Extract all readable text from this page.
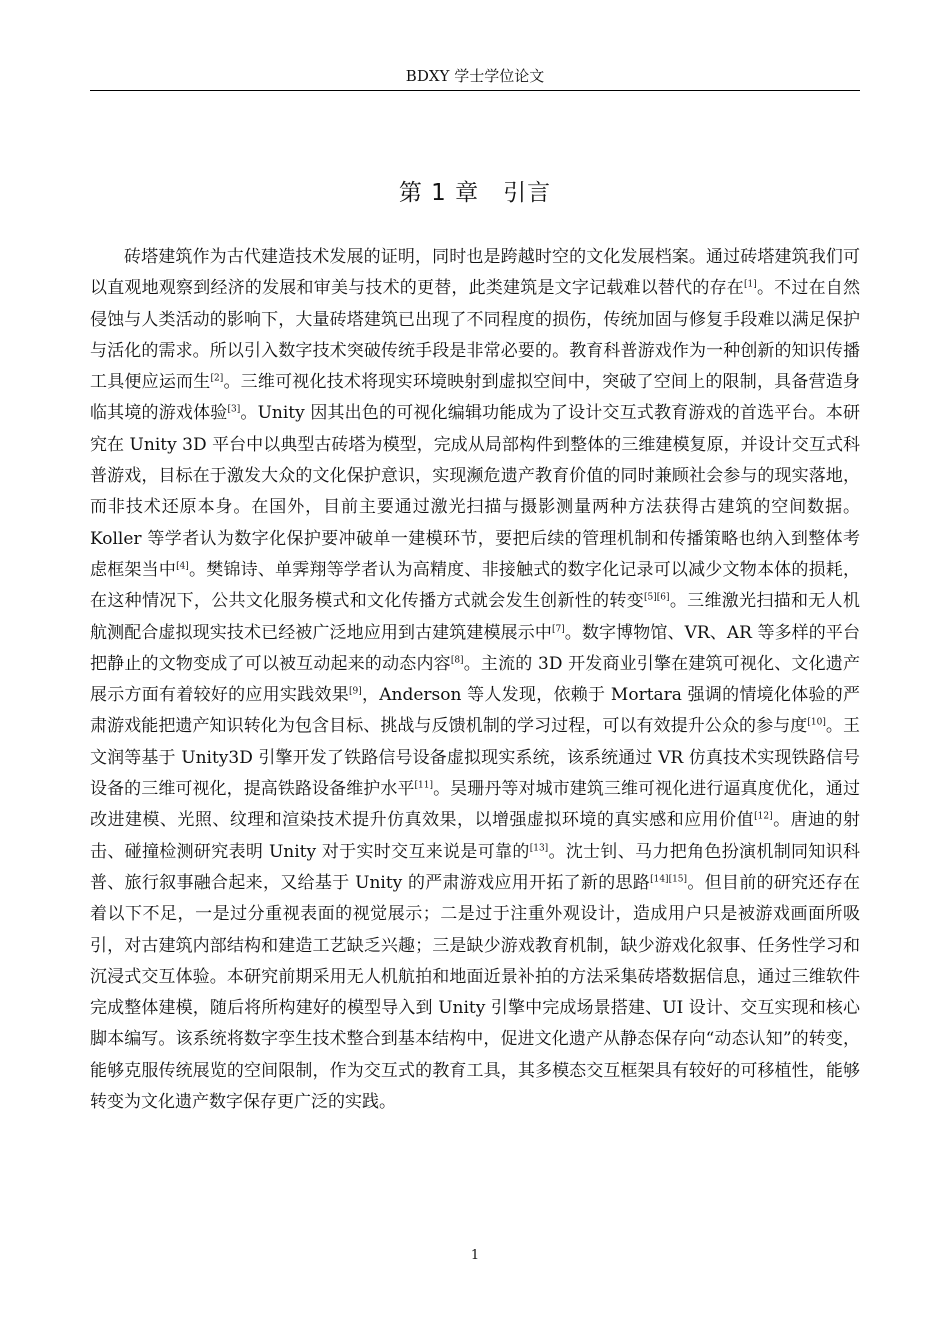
BDXY 学士学位论文
第 1 章 引言

砖塔建筑作为古代建造技术发展的证明，同时也是跨越时空的文化发展档案。通过砖塔建筑我们可以直观地观察到经济的发展和审美与技术的更替，此类建筑是文字记载难以替代的存在[1]。不过在自然侵蚀与人类活动的影响下，大量砖塔建筑已出现了不同程度的损伤，传统加固与修复手段难以满足保护与活化的需求。所以引入数字技术突破传统手段是非常必要的。教育科普游戏作为一种创新的知识传播工具便应运而生[2]。三维可视化技术将现实环境映射到虚拟空间中，突破了空间上的限制，具备营造身临其境的游戏体验[3]。Unity 因其出色的可视化编辑功能成为了设计交互式教育游戏的首选平台。本研究在 Unity 3D 平台中以典型古砖塔为模型，完成从局部构件到整体的三维建模复原，并设计交互式科普游戏，目标在于激发大众的文化保护意识，实现濒危遗产教育价值的同时兼顾社会参与的现实落地，而非技术还原本身。在国外，目前主要通过激光扫描与摄影测量两种方法获得古建筑的空间数据。Koller 等学者认为数字化保护要冲破单一建模环节，要把后续的管理机制和传播策略也纳入到整体考虑框架当中[4]。樊锦诗、单霁翔等学者认为高精度、非接触式的数字化记录可以减少文物本体的损耗，在这种情况下，公共文化服务模式和文化传播方式就会发生创新性的转变[5][6]。三维激光扫描和无人机航测配合虚拟现实技术已经被广泛地应用到古建筑建模展示中[7]。数字博物馆、VR、AR 等多样的平台把静止的文物变成了可以被互动起来的动态内容[8]。主流的 3D 开发商业引擎在建筑可视化、文化遗产展示方面有着较好的应用实践效果[9]，Anderson 等人发现，依赖于 Mortara 强调的情境化体验的严肃游戏能把遗产知识转化为包含目标、挑战与反馈机制的学习过程，可以有效提升公众的参与度[10]。王文润等基于 Unity3D 引擎开发了铁路信号设备虚拟现实系统，该系统通过 VR 仿真技术实现铁路信号设备的三维可视化，提高铁路设备维护水平[11]。吴珊丹等对城市建筑三维可视化进行逼真度优化，通过改进建模、光照、纹理和渲染技术提升仿真效果，以增强虚拟环境的真实感和应用价值[12]。唐迪的射击、碰撞检测研究表明 Unity 对于实时交互来说是可靠的[13]。沈士钊、马力把角色扮演机制同知识科普、旅行叙事融合起来，又给基于 Unity 的严肃游戏应用开拓了新的思路[14][15]。但目前的研究还存在着以下不足，一是过分重视表面的视觉展示；二是过于注重外观设计，造成用户只是被游戏画面所吸引，对古建筑内部结构和建造工艺缺乏兴趣；三是缺少游戏教育机制，缺少游戏化叙事、任务性学习和沉浸式交互体验。本研究前期采用无人机航拍和地面近景补拍的方法采集砖塔数据信息，通过三维软件完成整体建模，随后将所构建好的模型导入到 Unity 引擎中完成场景搭建、UI 设计、交互实现和核心脚本编写。该系统将数字孪生技术整合到基本结构中，促进文化遗产从静态保存向“动态认知”的转变，能够克服传统展览的空间限制，作为交互式的教育工具，其多模态交互框架具有较好的可移植性，能够转变为文化遗产数字保存更广泛的实践。

1
